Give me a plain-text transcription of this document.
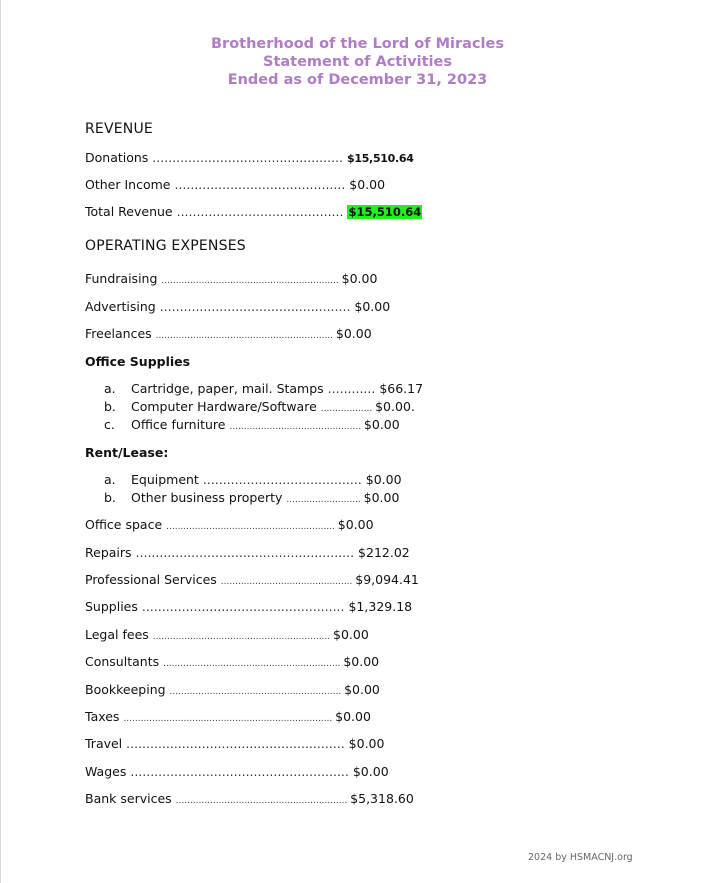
Brotherhood of the Lord of Miracles
Statement of Activities
Ended as of December 31, 2023
REVENUE
Donations ................................................ $15,510.64
Other Income ........................................... $0.00
Total Revenue .......................................... $15,510.64
OPERATING EXPENSES
Fundraising .............................................................. $0.00
Advertising ................................................ $0.00
Freelances .............................................................. $0.00
Office Supplies
a. Cartridge, paper, mail. Stamps ............ $66.17
b. Computer Hardware/Software .................. $0.00.
c. Office furniture .............................................. $0.00
Rent/Lease:
a. Equipment ........................................ $0.00
b. Other business property .......................... $0.00
Office space ........................................................... $0.00
Repairs ....................................................... $212.02
Professional Services .............................................. $9,094.41
Supplies ................................................... $1,329.18
Legal fees .............................................................. $0.00
Consultants .............................................................. $0.00
Bookkeeping ............................................................ $0.00
Taxes ......................................................................... $0.00
Travel ....................................................... $0.00
Wages ....................................................... $0.00
Bank services ............................................................ $5,318.60
2024 by HSMACNJ.org
